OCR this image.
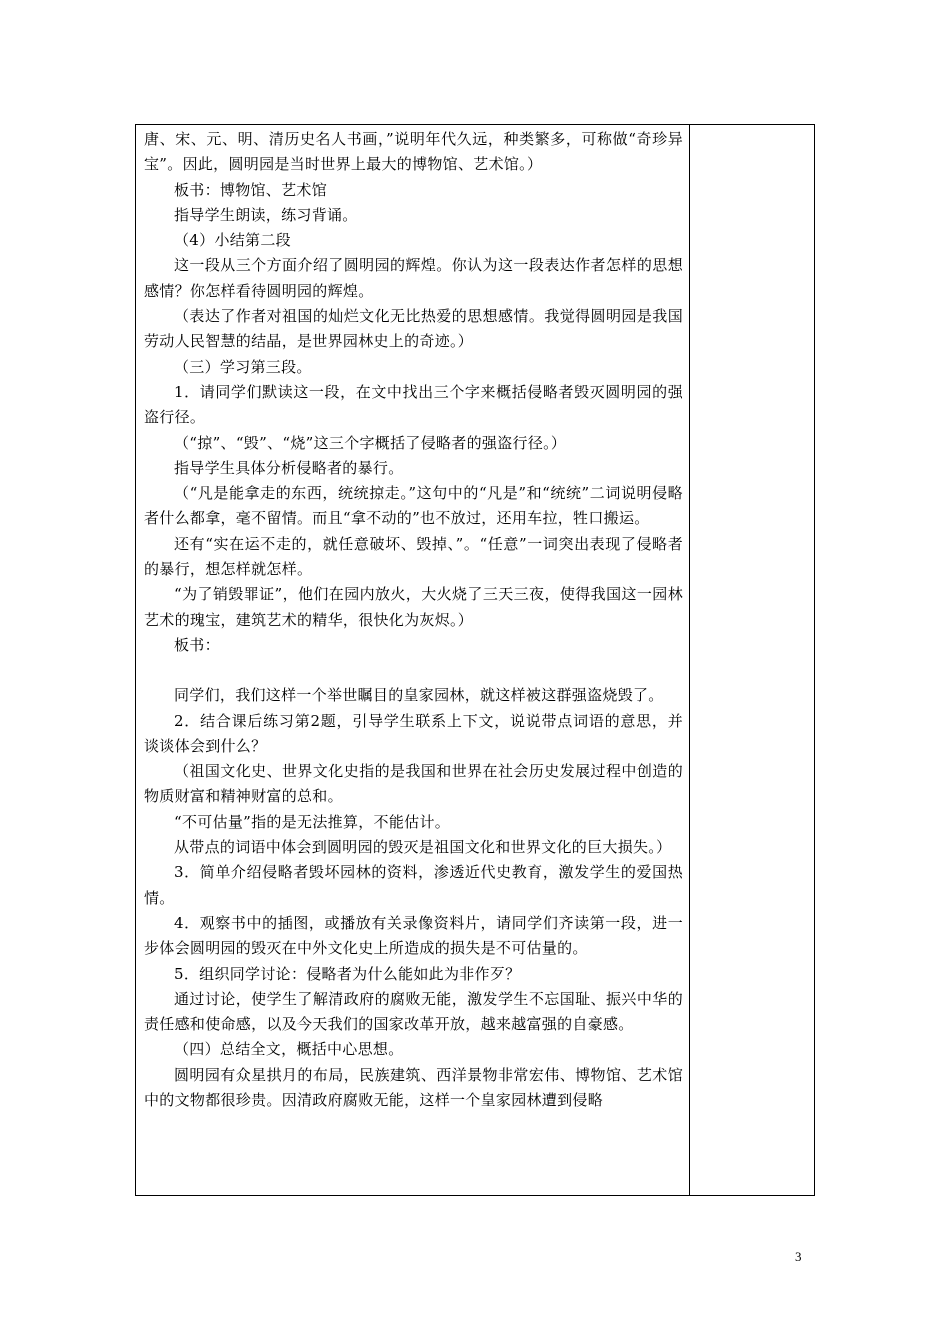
唐、宋、元、明、清历史名人书画，”说明年代久远，种类繁多，可称做“奇珍异宝”。因此，圆明园是当时世界上最大的博物馆、艺术馆。）

板书：博物馆、艺术馆

指导学生朗读，练习背诵。

（4）小结第二段

这一段从三个方面介绍了圆明园的辉煌。你认为这一段表达作者怎样的思想感情？你怎样看待圆明园的辉煌。

（表达了作者对祖国的灿烂文化无比热爱的思想感情。我觉得圆明园是我国劳动人民智慧的结晶，是世界园林史上的奇迹。）

（三）学习第三段。

1．请同学们默读这一段，在文中找出三个字来概括侵略者毁灭圆明园的强盗行径。

（“掠”、“毁”、“烧”这三个字概括了侵略者的强盗行径。）

指导学生具体分析侵略者的暴行。

（“凡是能拿走的东西，统统掠走。”这句中的“凡是”和“统统”二词说明侵略者什么都拿，毫不留情。而且“拿不动的”也不放过，还用车拉，牲口搬运。

还有“实在运不走的，就任意破坏、毁掉、”。“任意”一词突出表现了侵略者的暴行，想怎样就怎样。

“为了销毁罪证”，他们在园内放火，大火烧了三天三夜，使得我国这一园林艺术的瑰宝，建筑艺术的精华，很快化为灰烬。）

板书：

同学们，我们这样一个举世瞩目的皇家园林，就这样被这群强盗烧毁了。

2．结合课后练习第2题，引导学生联系上下文，说说带点词语的意思，并谈谈体会到什么？

（祖国文化史、世界文化史指的是我国和世界在社会历史发展过程中创造的物质财富和精神财富的总和。

“不可估量”指的是无法推算，不能估计。

从带点的词语中体会到圆明园的毁灭是祖国文化和世界文化的巨大损失。）

3．简单介绍侵略者毁坏园林的资料，渗透近代史教育，激发学生的爱国热情。

4．观察书中的插图，或播放有关录像资料片，请同学们齐读第一段，进一步体会圆明园的毁灭在中外文化史上所造成的损失是不可估量的。

5．组织同学讨论：侵略者为什么能如此为非作歹？

通过讨论，使学生了解清政府的腐败无能，激发学生不忘国耻、振兴中华的责任感和使命感，以及今天我们的国家改革开放，越来越富强的自豪感。

（四）总结全文，概括中心思想。

圆明园有众星拱月的布局，民族建筑、西洋景物非常宏伟、博物馆、艺术馆中的文物都很珍贵。因清政府腐败无能，这样一个皇家园林遭到侵略

3
